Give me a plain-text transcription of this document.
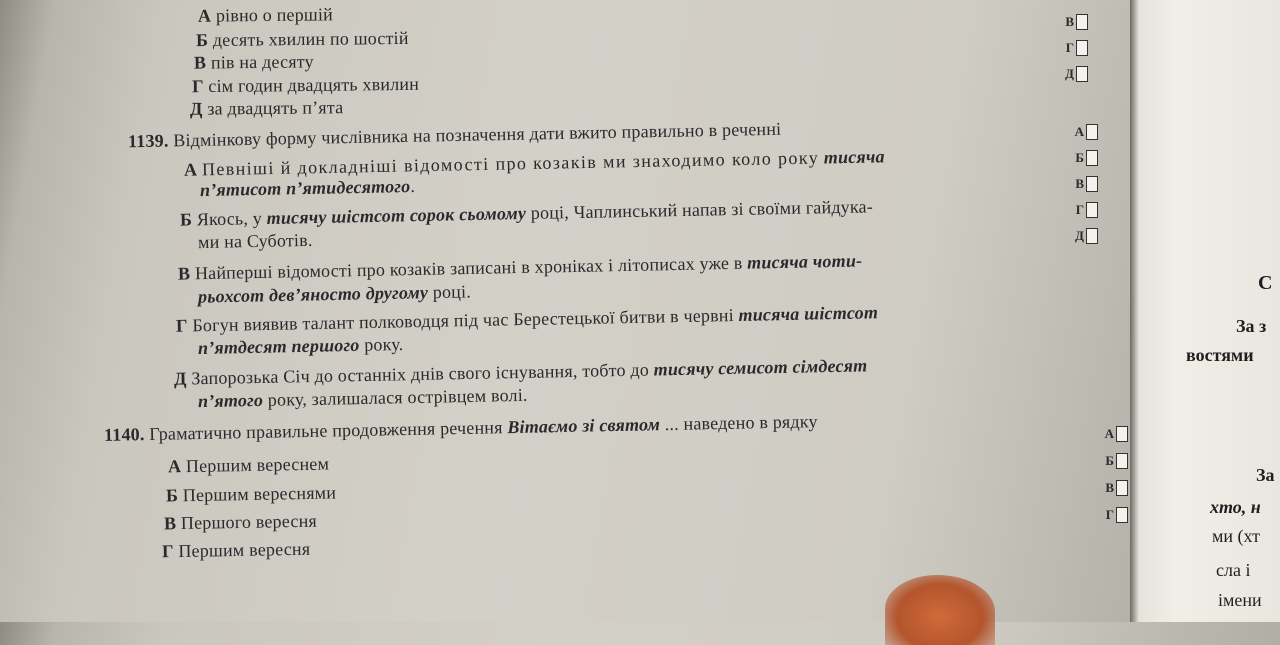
А рівно о першій
Б десять хвилин по шостій
В пів на десяту
Г сім годин двадцять хвилин
Д за двадцять п’ята
1139. Відмінкову форму числівника на позначення дати вжито правильно в реченні
А Певніші й докладніші відомості про козаків ми знаходимо коло року тисяча
п’ятисот п’ятидесятого.
Б Якось, у тисячу шістсот сорок сьомому році, Чаплинський напав зі своїми гайдука-
ми на Суботів.
В Найперші відомості про козаків записані в хроніках і літописах уже в тисяча чоти-
рьохсот дев’яносто другому році.
Г Богун виявив талант полководця під час Берестецької битви в червні тисяча шістсот
п’ятдесят першого року.
Д Запорозька Січ до останніх днів свого існування, тобто до тисячу семисот сімдесят
п’ятого року, залишалася острівцем волі.
1140. Граматично правильне продовження речення Вітаємо зі святом ... наведено в рядку
А Першим вереснем
Б Першим вереснями
В Першого вересня
Г Першим вересня
В
Г
Д
А
Б
В
Г
Д
А
Б
В
Г
С
За з
востями
За
хто, н
ми (хт
сла і
імени
